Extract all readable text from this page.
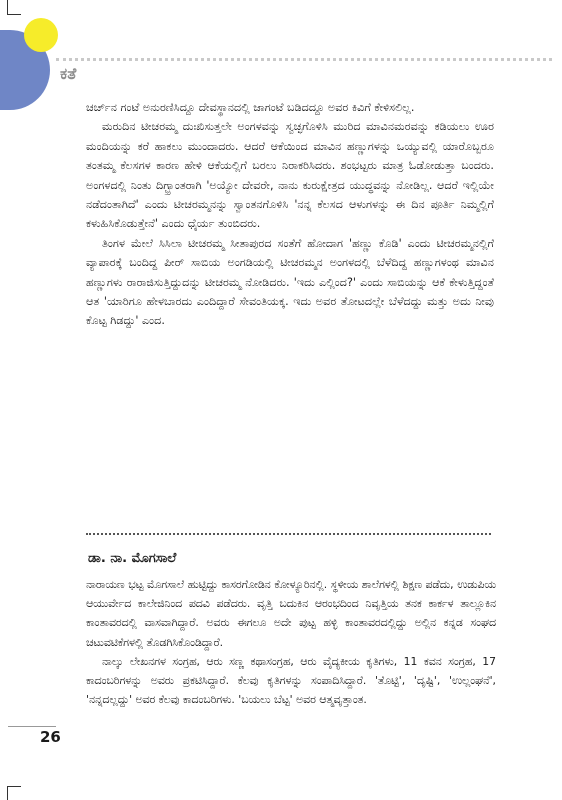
ಕತೆ

ಚರ್ಚ್‌ನ ಗಂಟೆ ಅನುರಣಿಸಿದ್ದೂ ದೇವಸ್ಥಾನದಲ್ಲಿ ಜಾಗಂಟೆ ಬಡಿದದ್ದೂ ಅವರ ಕಿವಿಗೆ ಕೇಳಿಸಲಿಲ್ಲ.

ಮರುದಿನ ಟೀಚರಮ್ಮ ದುಃಖಿಸುತ್ತಲೇ ಅಂಗಳವನ್ನು ಸ್ವಚ್ಛಗೊಳಿಸಿ ಮುರಿದ ಮಾವಿನಮರವನ್ನು ಕಡಿಯಲು ಊರ ಮಂದಿಯನ್ನು ಕರೆ ಹಾಕಲು ಮುಂದಾದರು. ಆದರೆ ಆಕೆಯಿಂದ ಮಾವಿನ ಹಣ್ಣುಗಳನ್ನು ಒಯ್ಯುವಲ್ಲಿ ಯಾರೊಬ್ಬರೂ ತಂತಮ್ಮ ಕೆಲಸಗಳ ಕಾರಣ ಹೇಳಿ ಆಕೆಯಲ್ಲಿಗೆ ಬರಲು ನಿರಾಕರಿಸಿದರು. ಶಂಭಟ್ಟರು ಮಾತ್ರ ಓಡೋಡುತ್ತಾ ಬಂದರು. ಅಂಗಳದಲ್ಲಿ ನಿಂತು ದಿಗ್ಭ್ರಾಂತರಾಗಿ 'ಅಯ್ಯೋ ದೇವರೇ, ನಾನು ಕುರುಕ್ಷೇತ್ರದ ಯುದ್ಧವನ್ನು ನೋಡಿಲ್ಲ. ಆದರೆ ಇಲ್ಲಿಯೇ ನಡೆದಂತಾಗಿದೆ' ಎಂದು ಟೀಚರಮ್ಮನನ್ನು ಸ್ವಾಂತನಗೊಳಿಸಿ 'ನನ್ನ ಕೆಲಸದ ಆಳುಗಳನ್ನು ಈ ದಿನ ಪೂರ್ತಿ ನಿಮ್ಮಲ್ಲಿಗೆ ಕಳುಹಿಸಿಕೊಡುತ್ತೇನೆ' ಎಂದು ಧೈರ್ಯ ತುಂಬಿದರು.

ತಿಂಗಳ ಮೇಲೆ ಸಿಸಿಲಾ ಟೀಚರಮ್ಮ ಸೀತಾಪುರದ ಸಂತೆಗೆ ಹೋದಾಗ 'ಹಣ್ಣು ಕೊಡಿ' ಎಂದು ಟೀಚರಮ್ಮನಲ್ಲಿಗೆ ವ್ಯಾಪಾರಕ್ಕೆ ಬಂದಿದ್ದ ಪೀರ್ ಸಾಬಿಯ ಅಂಗಡಿಯಲ್ಲಿ ಟೀಚರಮ್ಮನ ಅಂಗಳದಲ್ಲಿ ಬೆಳೆದಿದ್ದ ಹಣ್ಣುಗಳಂಥ ಮಾವಿನ ಹಣ್ಣುಗಳು ರಾರಾಜಿಸುತ್ತಿದ್ದುದನ್ನು ಟೀಚರಮ್ಮ ನೋಡಿದರು. 'ಇದು ಎಲ್ಲಿಂದ?' ಎಂದು ಸಾಬಿಯನ್ನು ಆಕೆ ಕೇಳುತ್ತಿದ್ದಂತೆ ಆತ 'ಯಾರಿಗೂ ಹೇಳಬಾರದು ಎಂದಿದ್ದಾರೆ ಸೇವಂತಿಯಕ್ಕ. ಇದು ಅವರ ತೋಟದಲ್ಲೇ ಬೆಳೆದದ್ದು ಮತ್ತು ಅದು ನೀವು ಕೊಟ್ಟ ಗಿಡದ್ದು' ಎಂದ.

ಡಾ. ನಾ. ಮೊಗಸಾಲೆ

ನಾರಾಯಣ ಭಟ್ಟ ಮೊಗಸಾಲೆ ಹುಟ್ಟಿದ್ದು ಕಾಸರಗೋಡಿನ ಕೋಳ್ಯೂರಿನಲ್ಲಿ. ಸ್ಥಳೀಯ ಶಾಲೆಗಳಲ್ಲಿ ಶಿಕ್ಷಣ ಪಡೆದು, ಉಡುಪಿಯ ಆಯುರ್ವೇದ ಕಾಲೇಜಿನಿಂದ ಪದವಿ ಪಡೆದರು. ವೃತ್ತಿ ಬದುಕಿನ ಆರಂಭದಿಂದ ನಿವೃತ್ತಿಯ ತನಕ ಕಾರ್ಕಳ ತಾಲ್ಲೂಕಿನ ಕಾಂತಾವರದಲ್ಲಿ ವಾಸವಾಗಿದ್ದಾರೆ. ಅವರು ಈಗಲೂ ಅದೇ ಪುಟ್ಟ ಹಳ್ಳಿ ಕಾಂತಾವರದಲ್ಲಿದ್ದು ಅಲ್ಲಿನ ಕನ್ನಡ ಸಂಘದ ಚಟುವಟಿಕೆಗಳಲ್ಲಿ ತೊಡಗಿಸಿಕೊಂಡಿದ್ದಾರೆ.

ನಾಲ್ಕು ಲೇಖನಗಳ ಸಂಗ್ರಹ, ಆರು ಸಣ್ಣ ಕಥಾಸಂಗ್ರಹ, ಆರು ವೈದ್ಯಕೀಯ ಕೃತಿಗಳು, 11 ಕವನ ಸಂಗ್ರಹ, 17 ಕಾದಂಬರಿಗಳನ್ನು ಅವರು ಪ್ರಕಟಿಸಿದ್ದಾರೆ. ಕೆಲವು ಕೃತಿಗಳನ್ನು ಸಂಪಾದಿಸಿದ್ದಾರೆ. 'ತೊಟ್ಟಿ', 'ದೃಷ್ಟಿ', 'ಉಲ್ಲಂಘನೆ', 'ನನ್ನದಲ್ಲದ್ದು' ಅವರ ಕೆಲವು ಕಾದಂಬರಿಗಳು. 'ಬಯಲು ಬೆಟ್ಟ' ಅವರ ಆತ್ಮವೃತ್ತಾಂತ.

26
